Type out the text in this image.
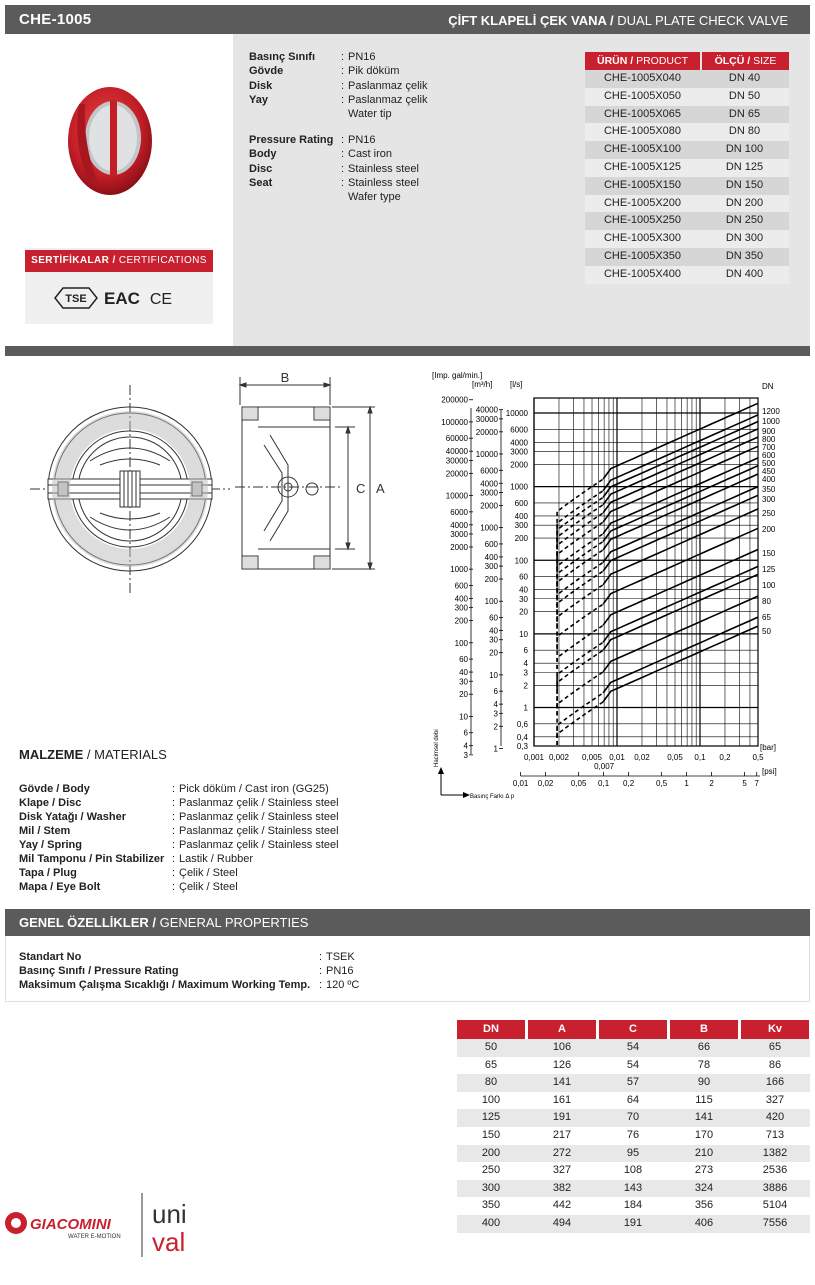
CHE-1005	ÇİFT KLAPELİ ÇEK VANA / DUAL PLATE CHECK VALVE
SERTİFİKALAR / CERTIFICATIONS
TSE EAC CE
Basınç Sınıfı : PN16
Gövde	: Pik döküm
Disk	: Paslanmaz çelik
Yay	: Paslanmaz çelik
Water tip
Pressure Rating : PN16
Body	: Cast iron
Disc	: Stainless steel
Seat	: Stainless steel
Wafer type
ÜRÜN / PRODUCT	ÖLÇÜ / SIZE
CHE-1005X040	DN 40
CHE-1005X050	DN 50
CHE-1005X065	DN 65
CHE-1005X080	DN 80
CHE-1005X100	DN 100
CHE-1005X125	DN 125
CHE-1005X150	DN 150
CHE-1005X200	DN 200
CHE-1005X250	DN 250
CHE-1005X300	DN 300
CHE-1005X350	DN 350
CHE-1005X400	DN 400
B
C A
1200
1000
900
800
700
600
500
450
400
350
300
250
200
150
125
100
80
65
50
DN
10000
6000
4000
3000
2000
1000
600
400
300
200
100
60
40
30
20
10
6
4
3
2
1
0,6
0,4
0,3
40000
30000
20000
10000
6000
4000
3000
2000
1000
600
400
300
200
100
60
40
30
20
10
6
4
3
2
1
200000
100000
60000
40000
30000
20000
10000
6000
4000
3000
2000
1000
600
400
300
200
100
60
40
30
20
10
6
4
3
[Imp. gal/min.]
[m³/h] [l/s]
0,001 0,002 0,005 0,01 0,02 0,05 0,1 0,2	0,5
0,007
[bar]
0,01 0,02 0,05 0,1 0,2	0,5 1	2	5 7
[psi]
Hacimsel debi
Basınç Farkı Δ p
MALZEME / MATERIALS
Gövde / Body	: Pick döküm / Cast iron (GG25)
Klape / Disc	: Paslanmaz çelik / Stainless steel
Disk Yatağı / Washer	: Paslanmaz çelik / Stainless steel
Mil / Stem	: Paslanmaz çelik / Stainless steel
Yay / Spring	: Paslanmaz çelik / Stainless steel
Mil Tamponu / Pin Stabilizer : Lastik / Rubber
Tapa / Plug	: Çelik / Steel
Mapa / Eye Bolt	: Çelik / Steel
GENEL ÖZELLİKLER / GENERAL PROPERTIES
Standart No	: TSEK
Basınç Sınıfı / Pressure Rating	: PN16
Maksimum Çalışma Sıcaklığı / Maximum Working Temp. : 120 ºC
DN	A	C	B	Kv
50	106	54	66	65
65	126	54	78	86
80	141	57	90	166
100	161	64	115	327
125	191	70	141	420
150	217	76	170	713
200	272	95	210	1382
250	327	108	273	2536
300	382	143	324	3886
350	442	184	356	5104
400	494	191	406	7556
GIACOMINI
WATER E-MOTION
uni
val
